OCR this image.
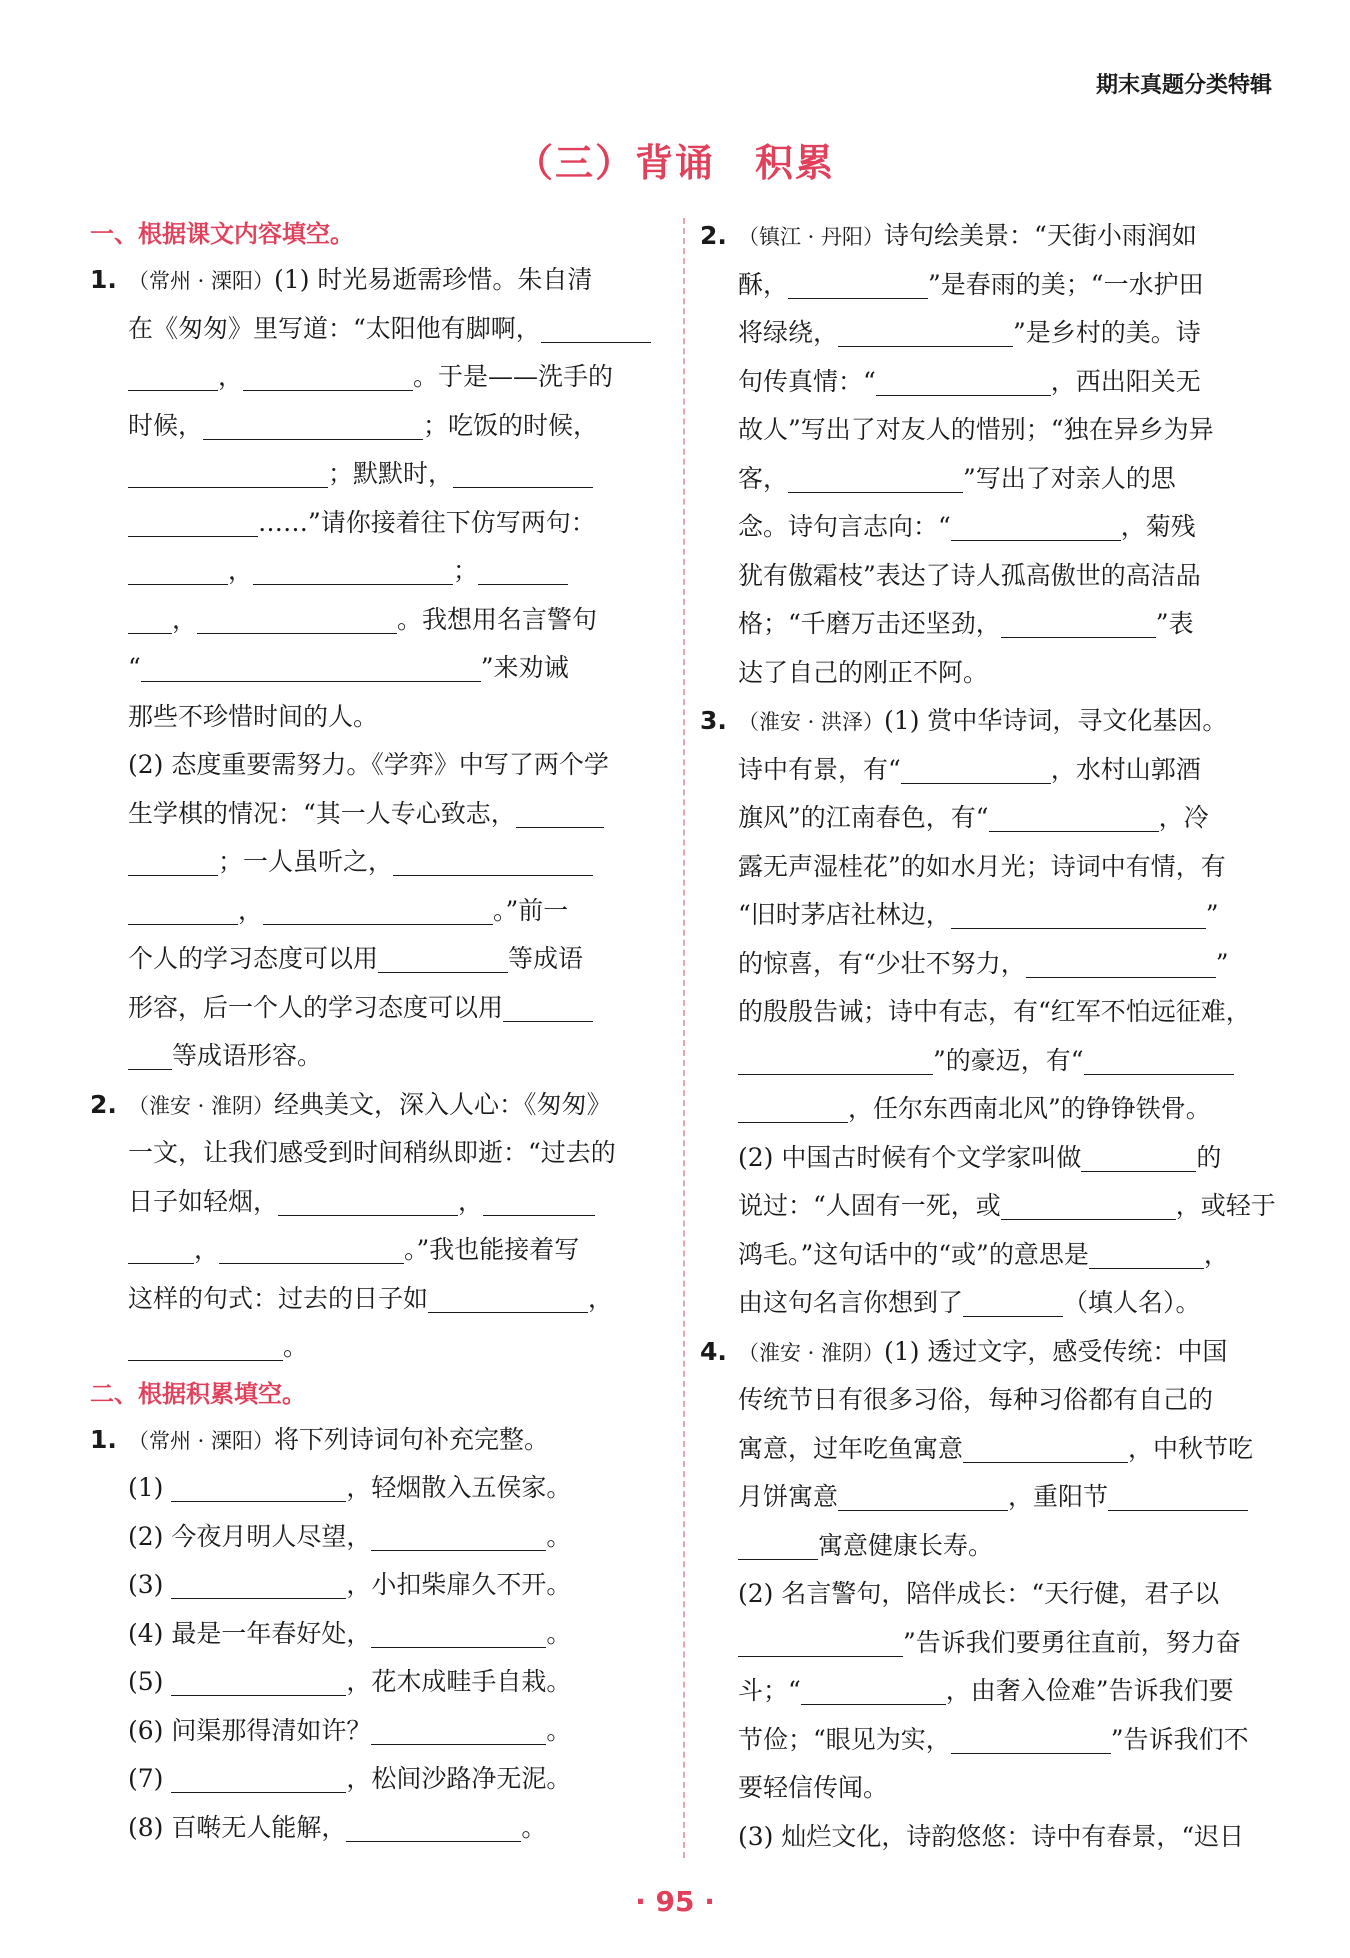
期末真题分类特辑
（三）背诵　积累
一、根据课文内容填空。
1. （常州 · 溧阳）(1) 时光易逝需珍惜。朱自清
在《匆匆》里写道：“太阳他有脚啊，
，	。于是——洗手的
时候，	；吃饭的时候，
；默默时，
……”请你接着往下仿写两句：
，	；
，	。我想用名言警句
“	”来劝诫
那些不珍惜时间的人。
(2) 态度重要需努力。《学弈》中写了两个学
生学棋的情况：“其一人专心致志，
；一人虽听之，
，	。”前一
个人的学习态度可以用	等成语
形容，后一个人的学习态度可以用
等成语形容。
2. （淮安 · 淮阴）经典美文，深入人心：《匆匆》
一文，让我们感受到时间稍纵即逝：“过去的
日子如轻烟，	，
，	。”我也能接着写
这样的句式：过去的日子如	，
。
二、根据积累填空。
1. （常州 · 溧阳）将下列诗词句补充完整。
(1)	，轻烟散入五侯家。
(2) 今夜月明人尽望，	。
(3)	，小扣柴扉久不开。
(4) 最是一年春好处，	。
(5)	，花木成畦手自栽。
(6) 问渠那得清如许？	。
(7)	，松间沙路净无泥。
(8) 百啭无人能解，	。
2. （镇江 · 丹阳）诗句绘美景：“天街小雨润如
酥，	”是春雨的美；“一水护田
将绿绕，	”是乡村的美。诗
句传真情：“	，西出阳关无
故人”写出了对友人的惜别；“独在异乡为异
客，	”写出了对亲人的思
念。诗句言志向：“	，菊残
犹有傲霜枝”表达了诗人孤高傲世的高洁品
格；“千磨万击还坚劲，	”表
达了自己的刚正不阿。
3. （淮安 · 洪泽）(1) 赏中华诗词，寻文化基因。
诗中有景，有“	，水村山郭酒
旗风”的江南春色，有“	，冷
露无声湿桂花”的如水月光；诗词中有情，有
“旧时茅店社林边，	”
的惊喜，有“少壮不努力，	”
的殷殷告诫；诗中有志，有“红军不怕远征难，
”的豪迈，有“
，任尔东西南北风”的铮铮铁骨。
(2) 中国古时候有个文学家叫做	的
说过：“人固有一死，或	，或轻于
鸿毛。”这句话中的“或”的意思是	，
由这句名言你想到了	（填人名）。
4. （淮安 · 淮阴）(1) 透过文字，感受传统：中国
传统节日有很多习俗，每种习俗都有自己的
寓意，过年吃鱼寓意	，中秋节吃
月饼寓意	，重阳节
寓意健康长寿。
(2) 名言警句，陪伴成长：“天行健，君子以
”告诉我们要勇往直前，努力奋
斗；“	，由奢入俭难”告诉我们要
节俭；“眼见为实，	”告诉我们不
要轻信传闻。
(3) 灿烂文化，诗韵悠悠：诗中有春景，“迟日
· 95 ·
